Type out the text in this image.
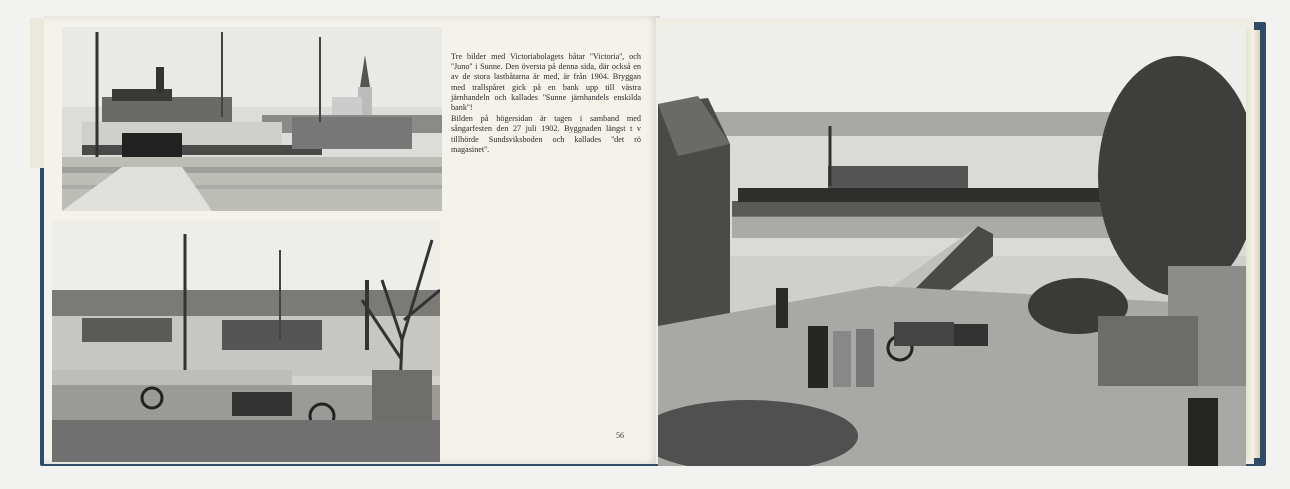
Tre bilder med Victoriabolagets båtar ''Victoria'', och ''Juno'' i Sunne. Den översta på denna sida, där också en av de stora lastbåtarna är med, är från 1904. Bryggan med trallspåret gick på en bank upp till västra järnhandeln och kallades ''Sunne järnhandels enskilda bank''!

Bilden på högersidan är tagen i samband med sångarfesten den 27 juli 1902. Byggnaden längst t v tillhörde Sundsviksboden och kallades ''det rö magasinet''.

56
